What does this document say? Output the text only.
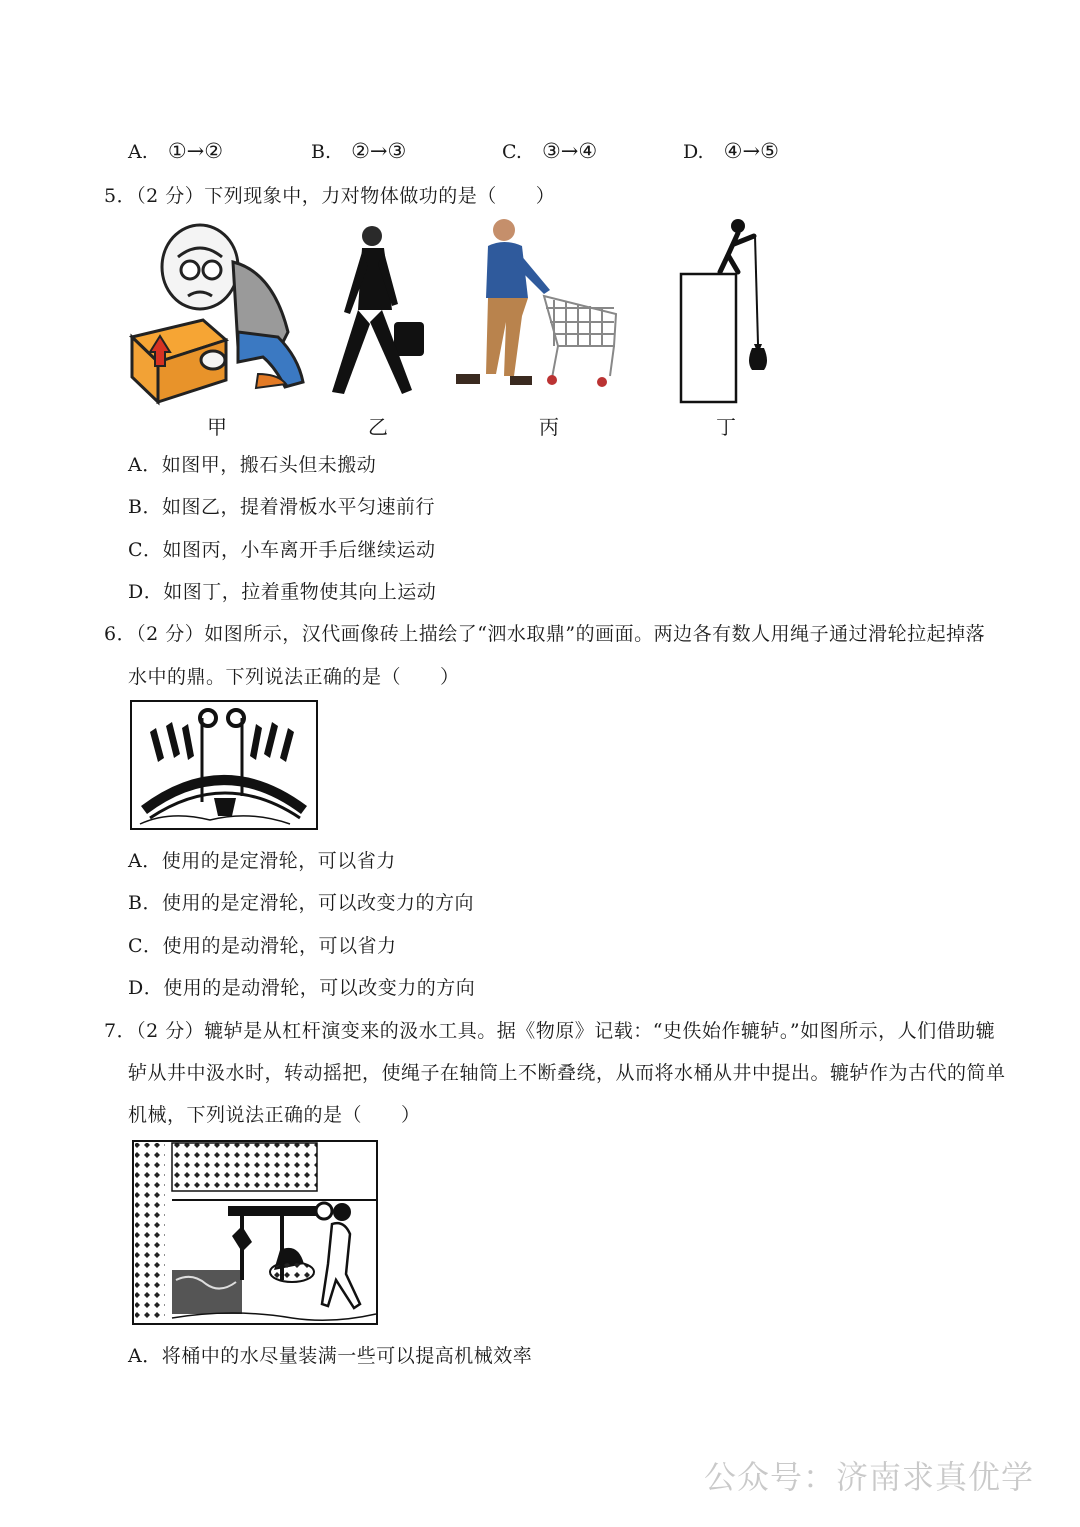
A. ①→②	B. ②→③	C. ③→④	D. ④→⑤
5．（2 分）下列现象中，力对物体做功的是（　　）
甲	乙	丙	丁
A．如图甲，搬石头但未搬动
B．如图乙，提着滑板水平匀速前行
C．如图丙，小车离开手后继续运动
D．如图丁，拉着重物使其向上运动
6．（2 分）如图所示，汉代画像砖上描绘了“泗水取鼎”的画面。两边各有数人用绳子通过滑轮拉起掉落
水中的鼎。下列说法正确的是（　　）
A．使用的是定滑轮，可以省力
B．使用的是定滑轮，可以改变力的方向
C．使用的是动滑轮，可以省力
D．使用的是动滑轮，可以改变力的方向
7．（2 分）辘轳是从杠杆演变来的汲水工具。据《物原》记载：“史佚始作辘轳。”如图所示，人们借助辘
轳从井中汲水时，转动摇把，使绳子在轴筒上不断叠绕，从而将水桶从井中提出。辘轳作为古代的简单
机械，下列说法正确的是（　　）
A．将桶中的水尽量装满一些可以提高机械效率
公众号：济南求真优学
